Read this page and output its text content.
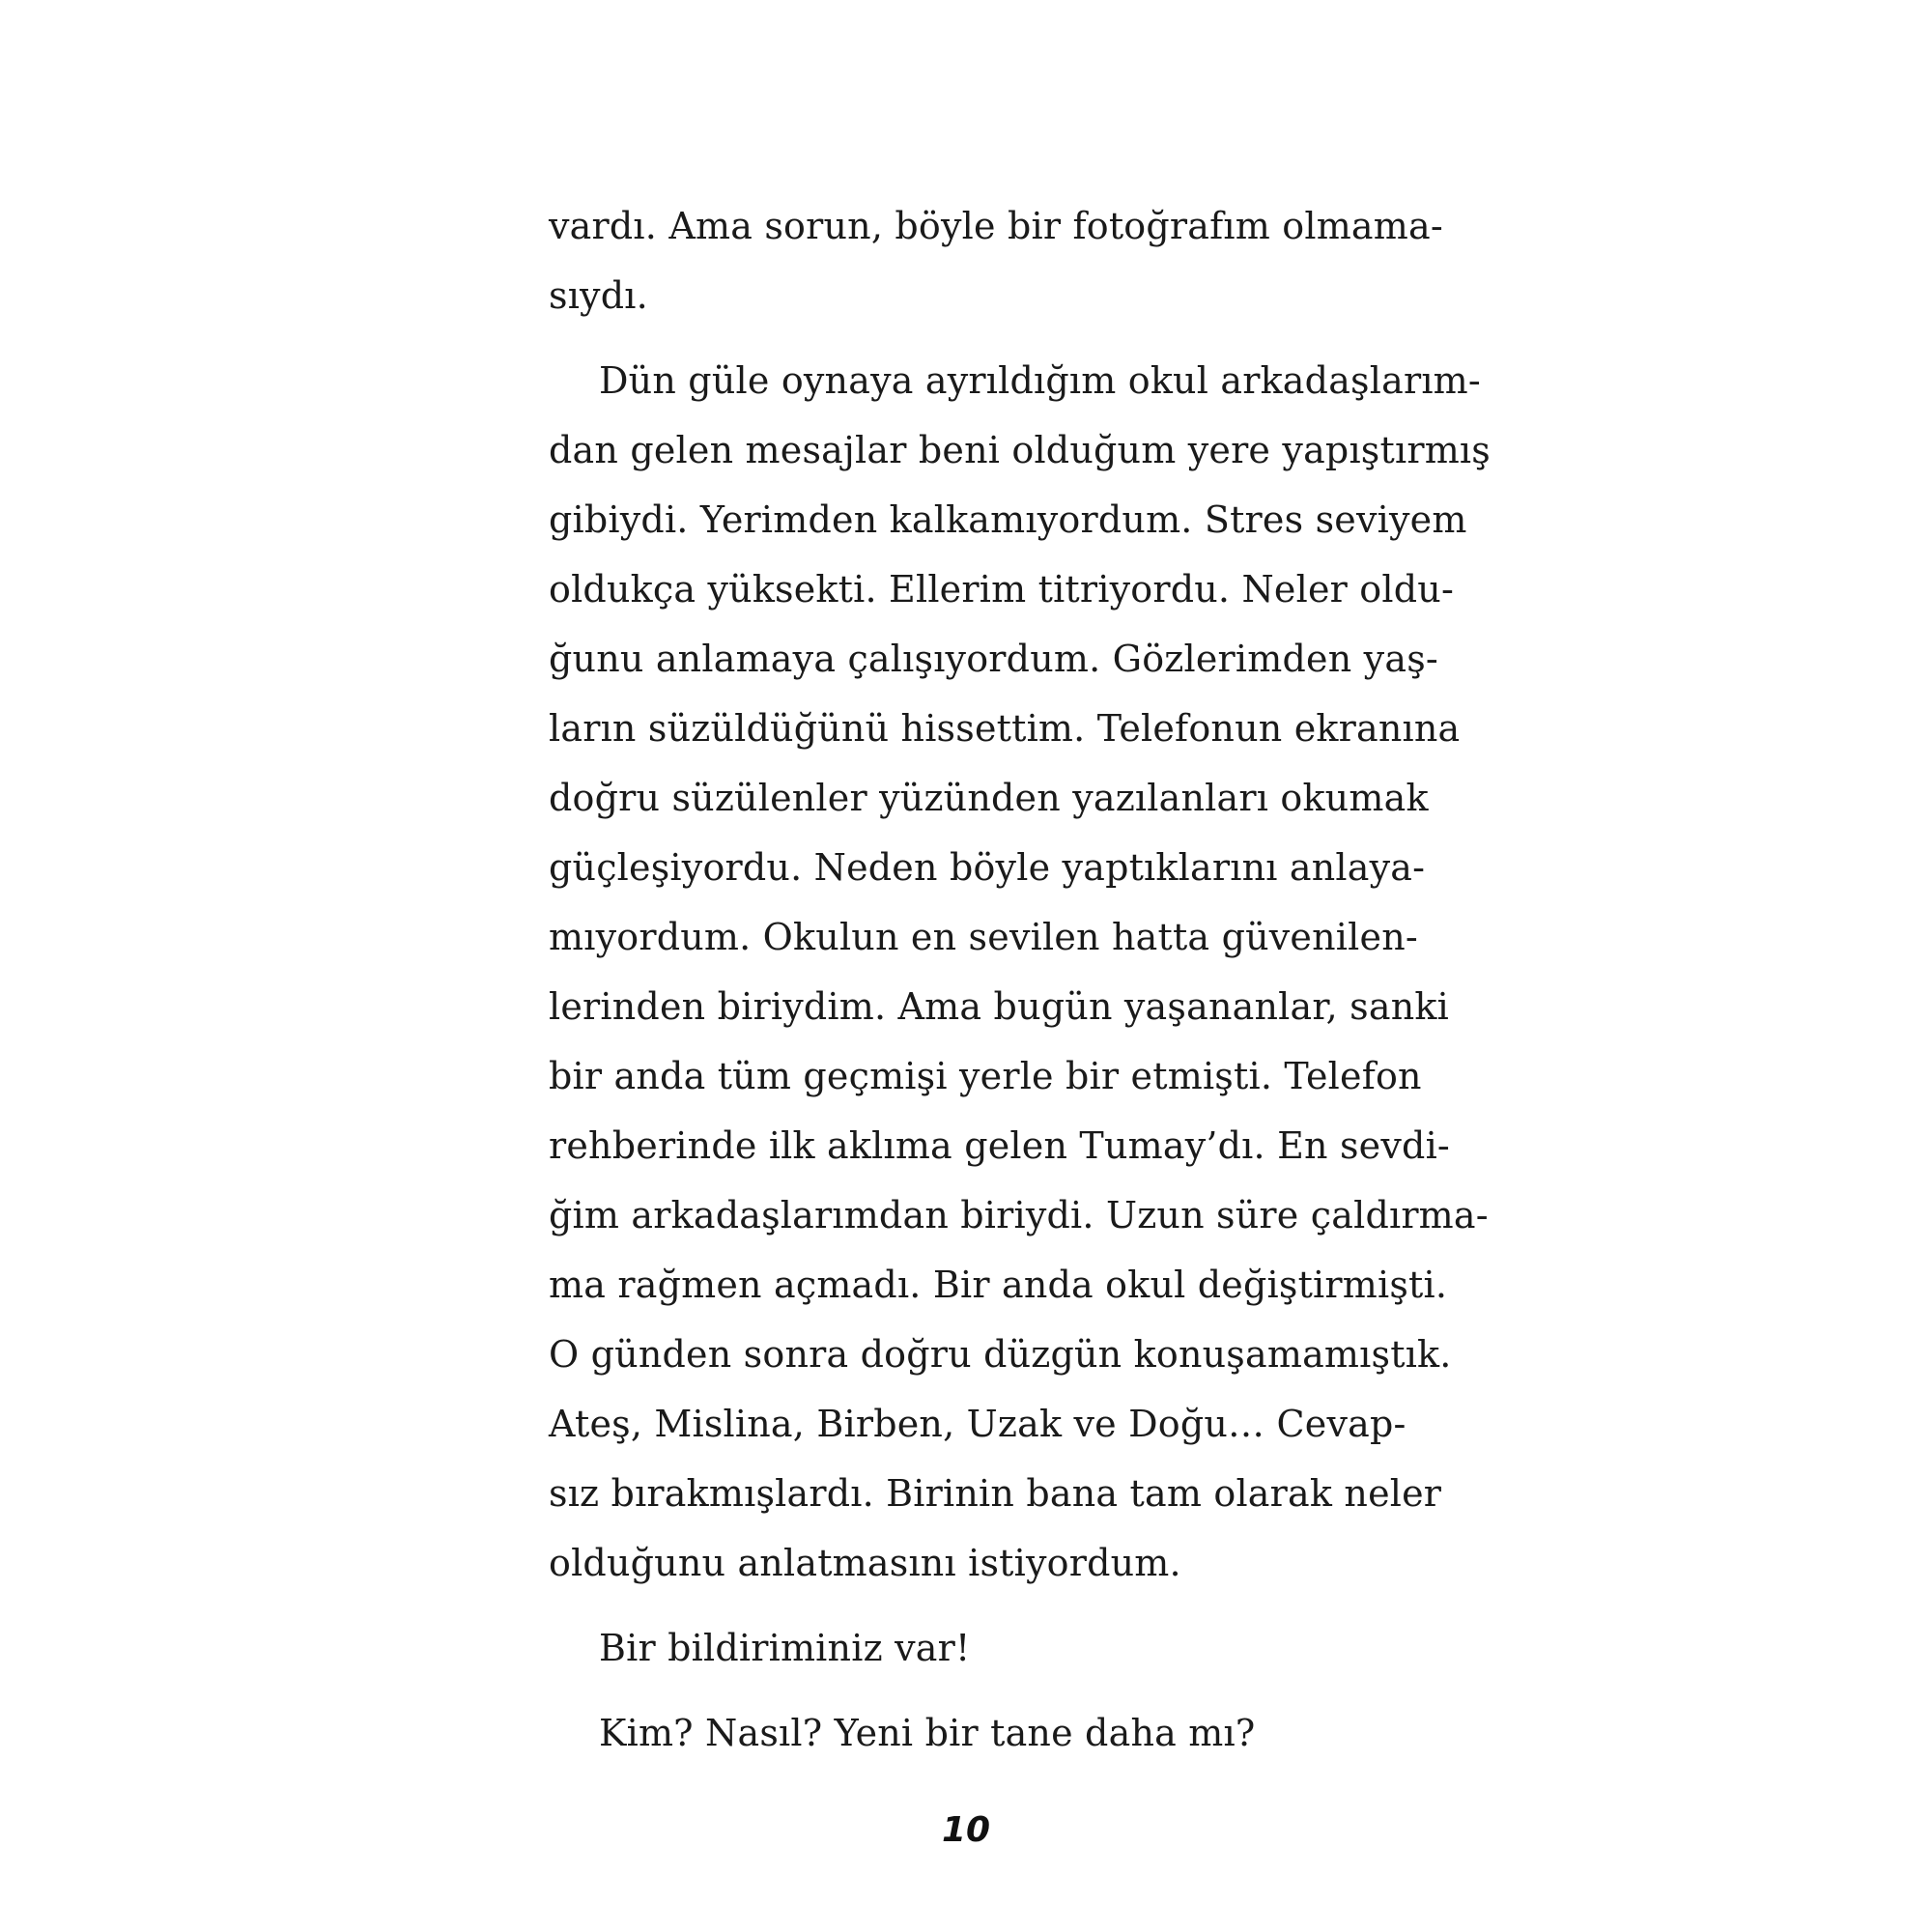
vardı. Ama sorun, böyle bir fotoğrafım olmama-
sıydı.
Dün güle oynaya ayrıldığım okul arkadaşlarım-
dan gelen mesajlar beni olduğum yere yapıştırmış
gibiydi. Yerimden kalkamıyordum. Stres seviyem
oldukça yüksekti. Ellerim titriyordu. Neler oldu-
ğunu anlamaya çalışıyordum. Gözlerimden yaş-
ların süzüldüğünü hissettim. Telefonun ekranına
doğru süzülenler yüzünden yazılanları okumak
güçleşiyordu. Neden böyle yaptıklarını anlaya-
mıyordum. Okulun en sevilen hatta güvenilen-
lerinden biriydim. Ama bugün yaşananlar, sanki
bir anda tüm geçmişi yerle bir etmişti. Telefon
rehberinde ilk aklıma gelen Tumay’dı. En sevdi-
ğim arkadaşlarımdan biriydi. Uzun süre çaldırma-
ma rağmen açmadı. Bir anda okul değiştirmişti.
O günden sonra doğru düzgün konuşamamıştık.
Ateş, Mislina, Birben, Uzak ve Doğu… Cevap-
sız bırakmışlardı. Birinin bana tam olarak neler
olduğunu anlatmasını istiyordum.
Bir bildiriminiz var!
Kim? Nasıl? Yeni bir tane daha mı?
10
